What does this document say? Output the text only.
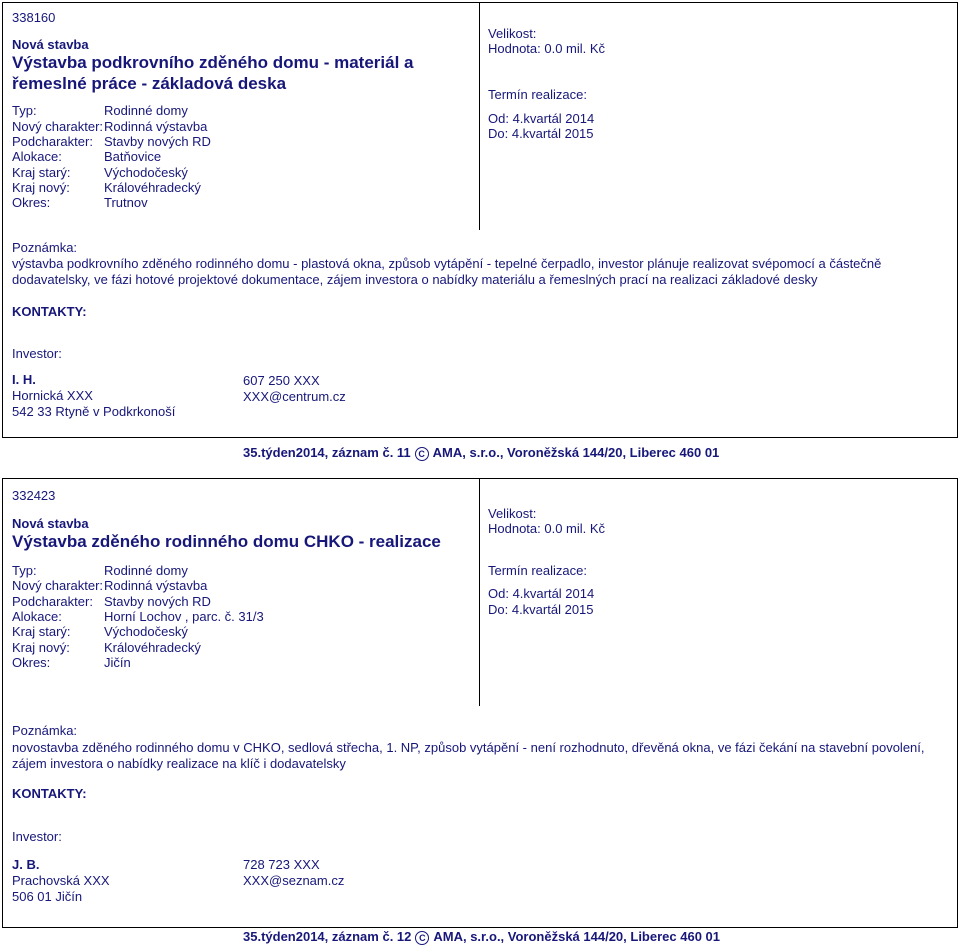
338160
Nová stavba
Výstavba podkrovního zděného domu - materiál a
řemeslné práce - základová deska
Typ:	Rodinné domy
Nový charakter:Rodinná výstavba
Podcharakter: Stavby nových RD
Alokace:	Batňovice
Kraj starý:	Východočeský
Kraj nový:	Královéhradecký
Okres:	Trutnov
Velikost:
Hodnota: 0.0 mil. Kč
Termín realizace:
Od: 4.kvartál 2014
Do: 4.kvartál 2015
Poznámka:
výstavba podkrovního zděného rodinného domu - plastová okna, způsob vytápění - tepelné čerpadlo, investor plánuje realizovat svépomocí a částečně
dodavatelsky, ve fázi hotové projektové dokumentace, zájem investora o nabídky materiálu a řemeslných prací na realizaci základové desky
KONTAKTY:
Investor:
I. H.
Hornická XXX
542 33 Rtyně v Podkrkonoší
607 250 XXX
XXX@centrum.cz
35.týden2014, záznam č. 11 C AMA, s.r.o., Voroněžská 144/20, Liberec 460 01
332423
Nová stavba
Výstavba zděného rodinného domu CHKO - realizace
Typ:	Rodinné domy
Nový charakter:Rodinná výstavba
Podcharakter: Stavby nových RD
Alokace:	Horní Lochov , parc. č. 31/3
Kraj starý:	Východočeský
Kraj nový:	Královéhradecký
Okres:	Jičín
Velikost:
Hodnota: 0.0 mil. Kč
Termín realizace:
Od: 4.kvartál 2014
Do: 4.kvartál 2015
Poznámka:
novostavba zděného rodinného domu v CHKO, sedlová střecha, 1. NP, způsob vytápění - není rozhodnuto, dřevěná okna, ve fázi čekání na stavební povolení,
zájem investora o nabídky realizace na klíč i dodavatelsky
KONTAKTY:
Investor:
J. B.
Prachovská XXX
506 01 Jičín
728 723 XXX
XXX@seznam.cz
35.týden2014, záznam č. 12 C AMA, s.r.o., Voroněžská 144/20, Liberec 460 01
